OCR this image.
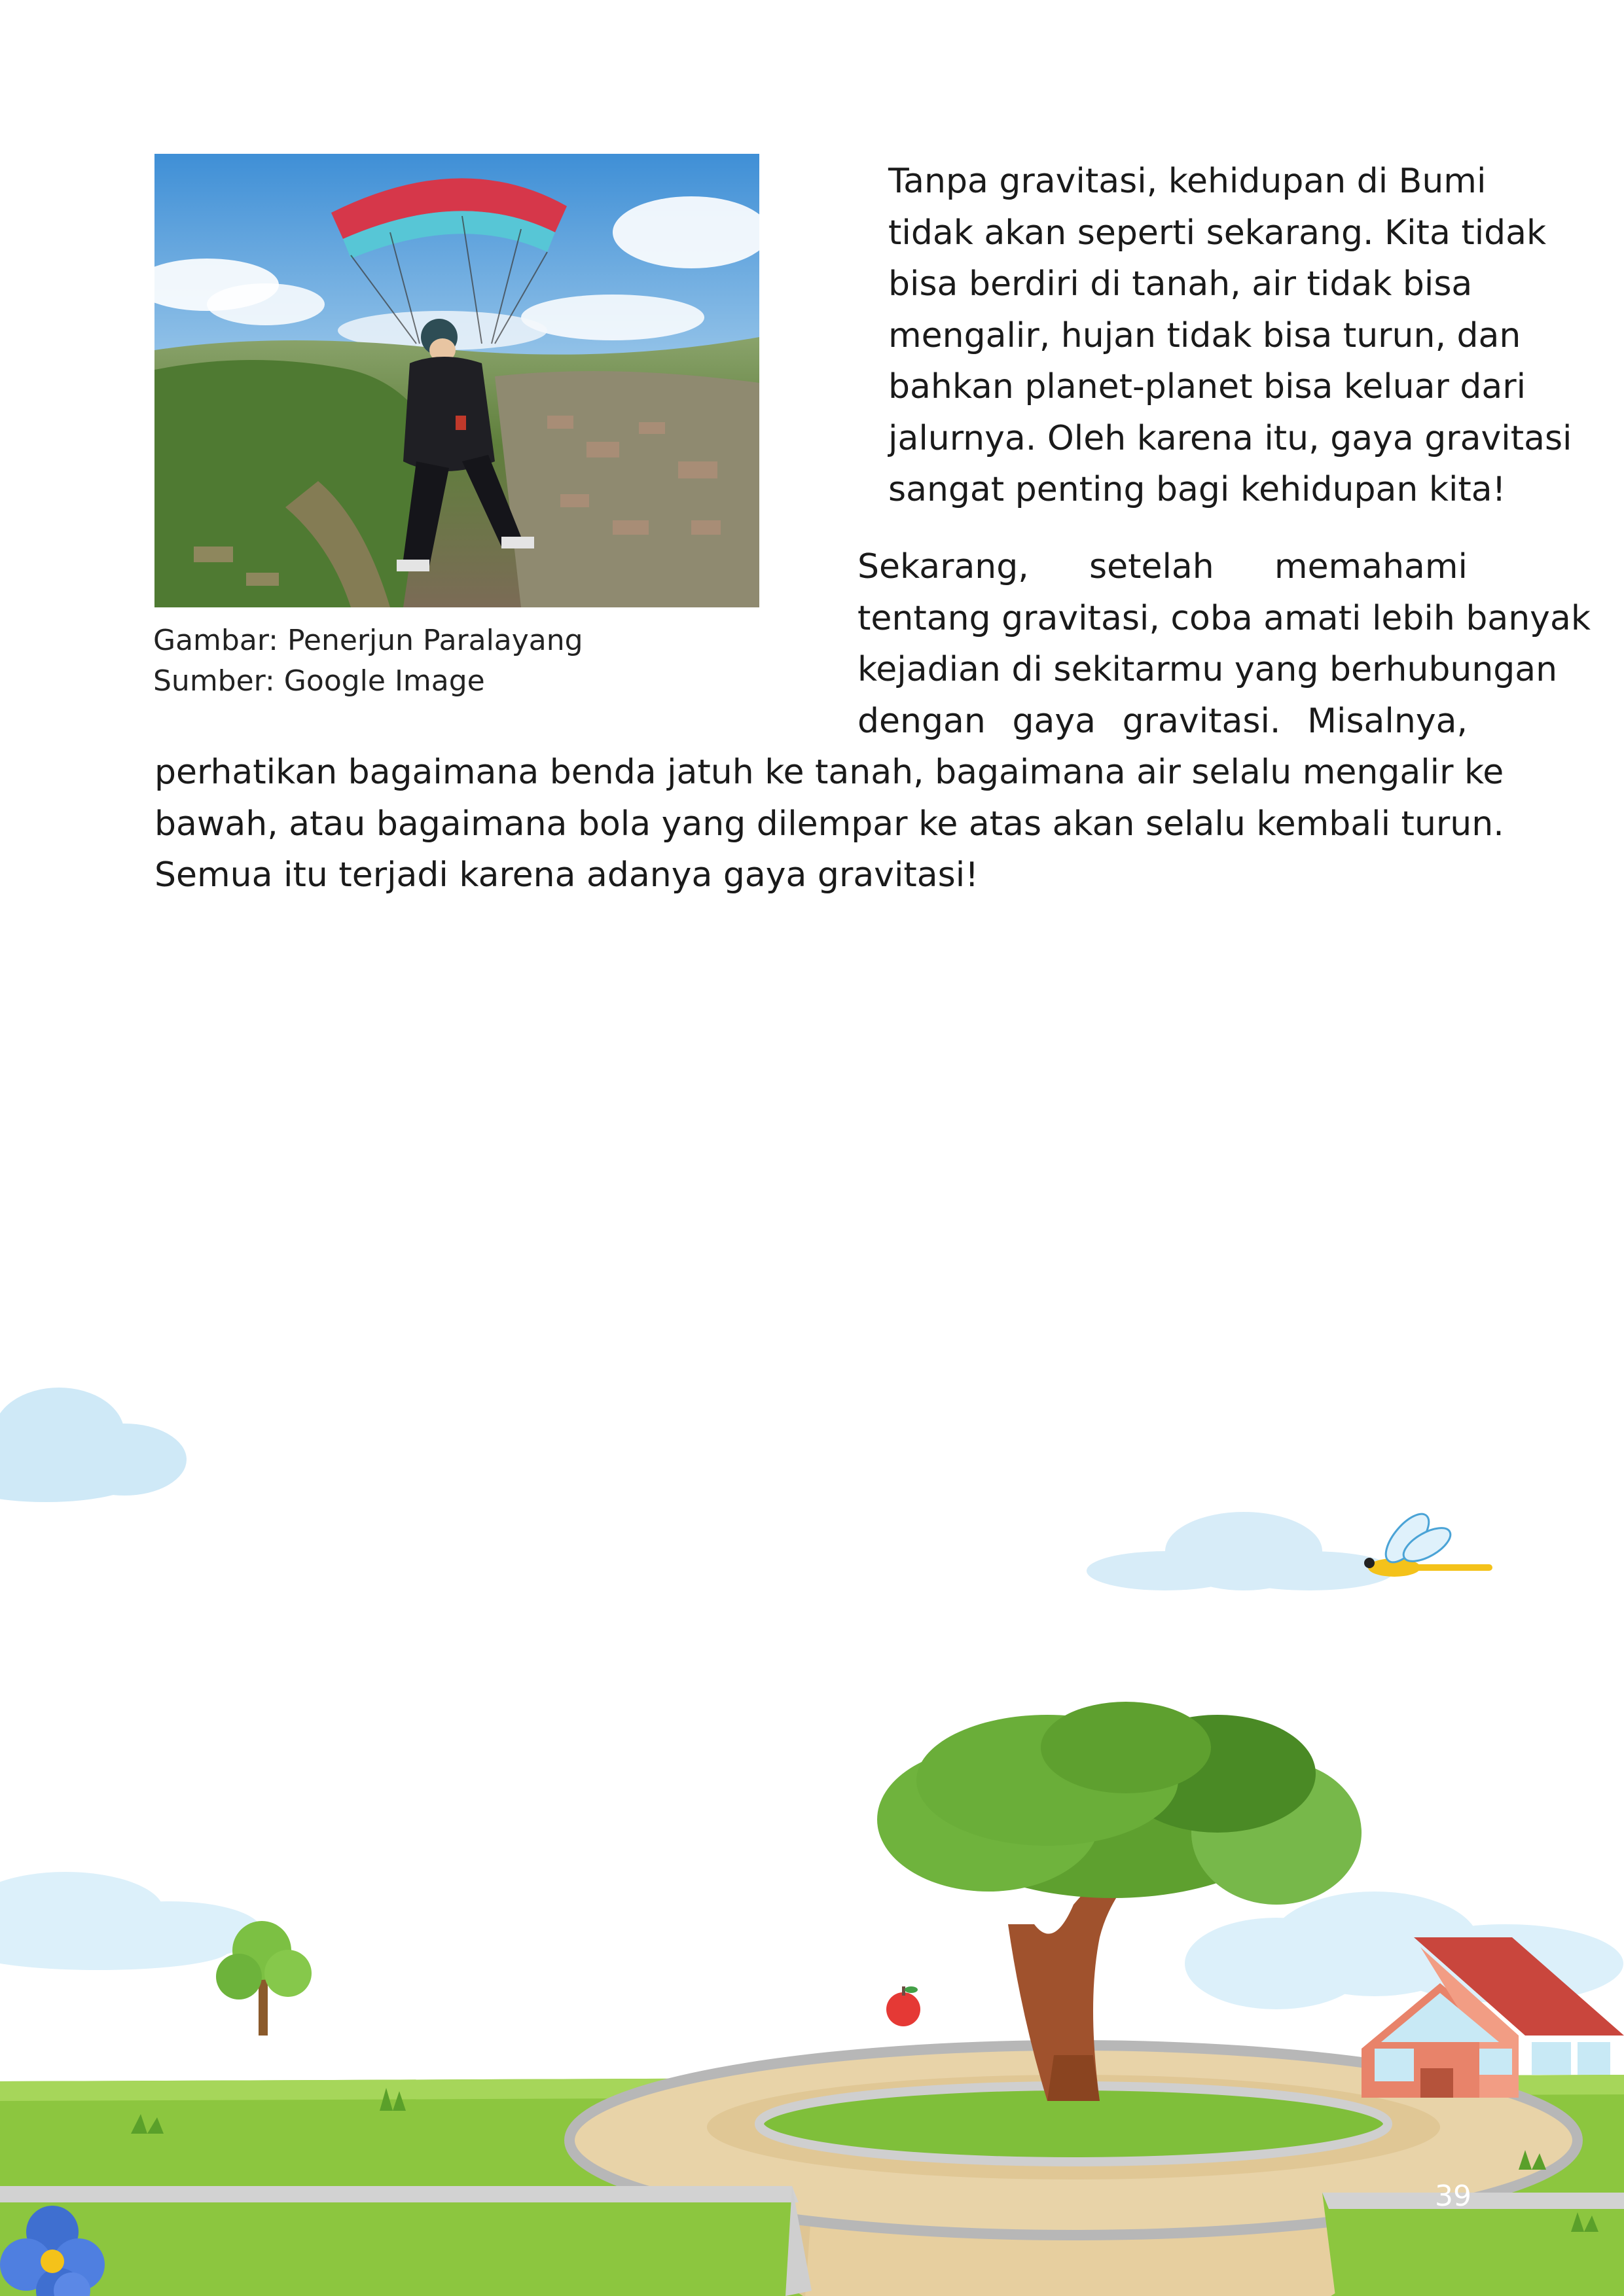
Gambar: Penerjun Paralayang
Sumber: Google Image
Tanpa gravitasi, kehidupan di Bumi
tidak akan seperti sekarang. Kita tidak
bisa berdiri di tanah, air tidak bisa
mengalir, hujan tidak bisa turun, dan
bahkan planet-planet bisa keluar dari
jalurnya. Oleh karena itu, gaya gravitasi
sangat penting bagi kehidupan kita!
Sekarang, setelah memahami
tentang gravitasi, coba amati lebih banyak
kejadian di sekitarmu yang berhubungan
dengan gaya gravitasi. Misalnya,
perhatikan bagaimana benda jatuh ke tanah, bagaimana air selalu mengalir ke
bawah, atau bagaimana bola yang dilempar ke atas akan selalu kembali turun.
Semua itu terjadi karena adanya gaya gravitasi!
39
